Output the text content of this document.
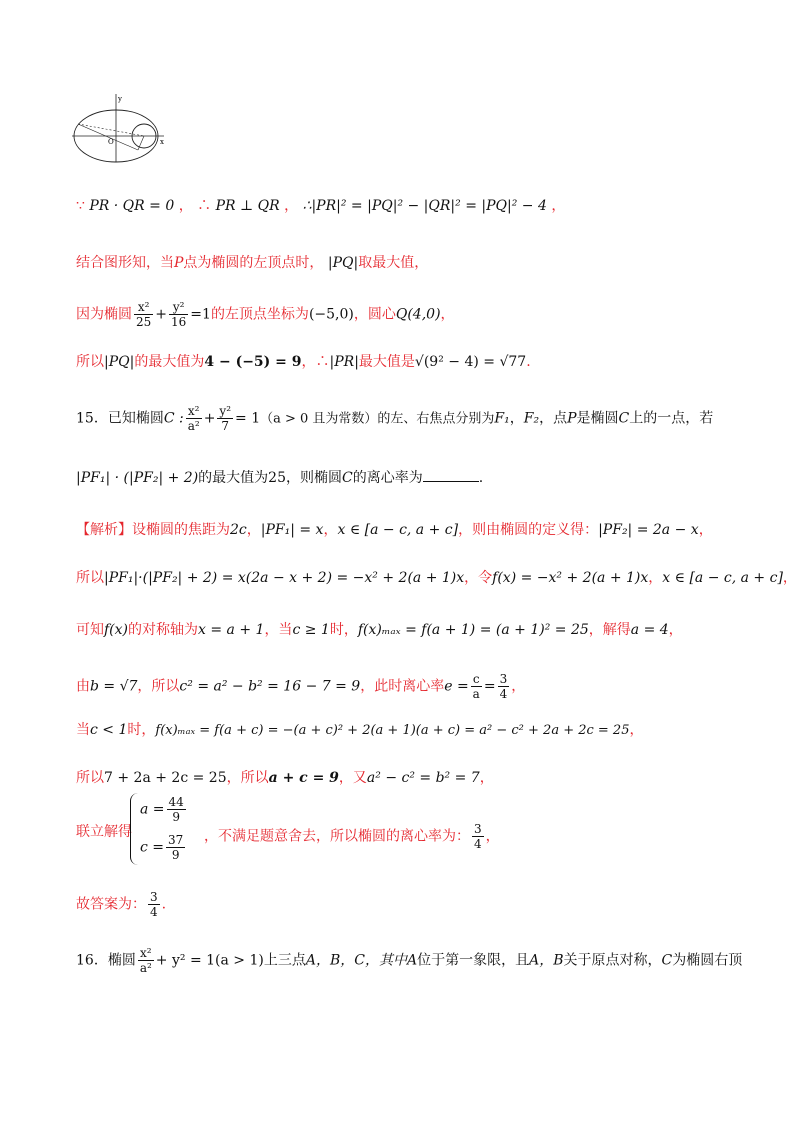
y
x
O
∵ PR · QR = 0 ， ∴ PR ⊥ QR ， ∴|PR|² = |PQ|² − |QR|² = |PQ|² − 4 ，
结合图形知，当P点为椭圆的左顶点时， |PQ|取最大值，
因为椭圆 $\frac{\text{x²}}{25} + \frac{\text{y²}}{16} =1$的左顶点坐标为(−5,0)，圆心Q(4,0)，
所以|PQ|的最大值为4 − (−5) = 9，∴|PR|最大值是√(9² − 4) = √77.
15．已知椭圆C : $\frac{\text{x²}}{\text{a²}} + \frac{\text{y²}}{7} = 1(a > 0$ 且为常数）的左、右焦点分别为F₁，F₂，点P是椭圆C上的一点，若
|PF₁| · (|PF₂| + 2)的最大值为25，则椭圆C的离心率为	.
【解析】设椭圆的焦距为2c，|PF₁| = x，x ∈ [a − c, a + c]，则由椭圆的定义得：|PF₂| = 2a − x，
所以|PF₁|·(|PF₂| + 2) = x(2a − x + 2) = −x² + 2(a + 1)x，令f(x) = −x² + 2(a + 1)x，x ∈ [a − c, a + c]，
可知f(x)的对称轴为x = a + 1，当c ≥ 1时，f(x)ₘₐₓ = f(a + 1) = (a + 1)² = 25，解得a = 4，
由b = √7，所以c² = a² − b² = 16 − 7 = 9，此时离心率$e = \frac{c}{a} = \frac{3}{4}$ ，
当c < 1时，f(x)ₘₐₓ = f(a + c) = −(a + c)² + 2(a + 1)(a + c) = a² − c² + 2a + 2c = 25，
所以7 + 2a + 2c = 25，所以a + c = 9，又a² − c² = b² = 7，
联立解得
$a = \frac{44}{9}$
$c = \frac{37}{9}$ ，不满足题意舍去，所以椭圆的离心率为： $\frac{3}{4}$ ，
故答案为： $\frac{3}{4}$ .
16．椭圆 $\frac{\text{x²}}{\text{a²}} + y^2 = 1(a > 1)$上三点A，B，C，其中A位于第一象限，且A，B关于原点对称，C为椭圆右顶
